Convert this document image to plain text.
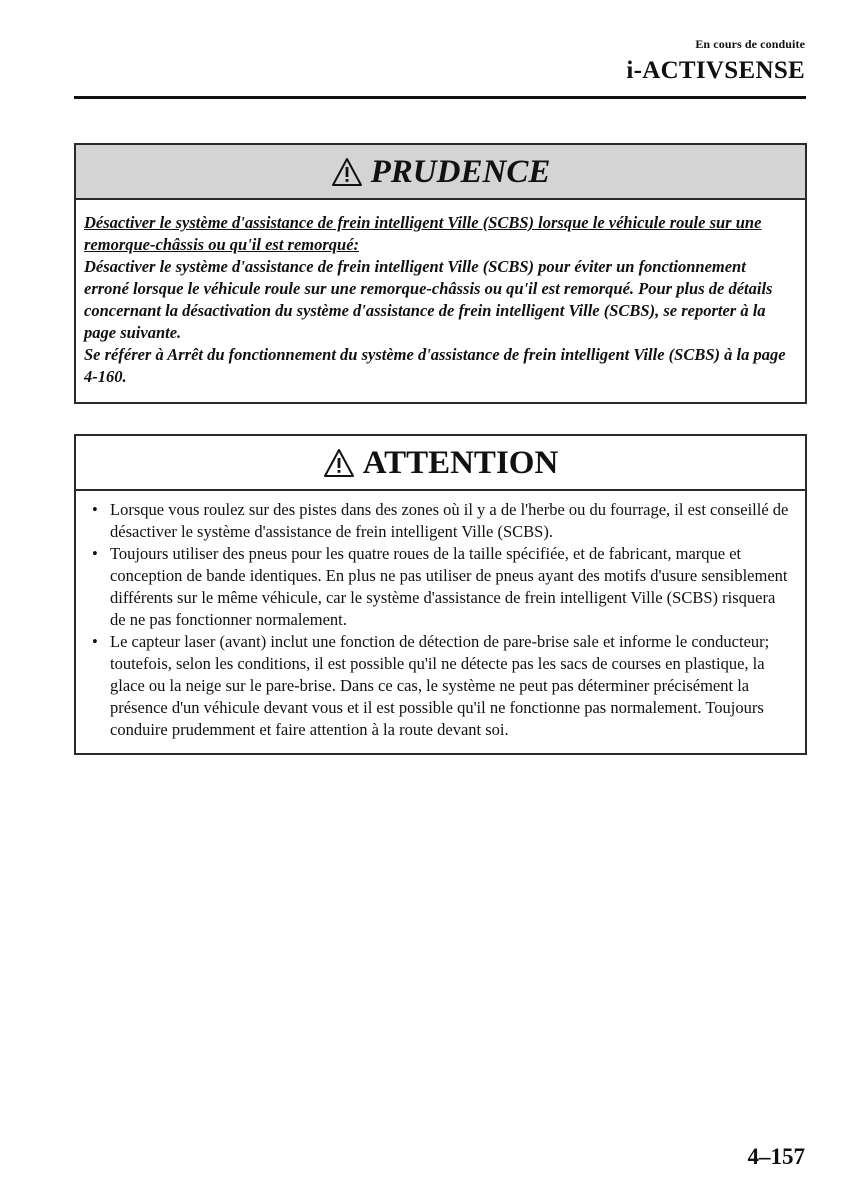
En cours de conduite
i-ACTIVSENSE
PRUDENCE
Désactiver le système d'assistance de frein intelligent Ville (SCBS) lorsque le véhicule roule sur une remorque-châssis ou qu'il est remorqué:
Désactiver le système d'assistance de frein intelligent Ville (SCBS) pour éviter un fonctionnement erroné lorsque le véhicule roule sur une remorque-châssis ou qu'il est remorqué. Pour plus de détails concernant la désactivation du système d'assistance de frein intelligent Ville (SCBS), se reporter à la page suivante.
Se référer à Arrêt du fonctionnement du système d'assistance de frein intelligent Ville (SCBS) à la page 4-160.
ATTENTION
• Lorsque vous roulez sur des pistes dans des zones où il y a de l'herbe ou du fourrage, il est conseillé de désactiver le système d'assistance de frein intelligent Ville (SCBS).
• Toujours utiliser des pneus pour les quatre roues de la taille spécifiée, et de fabricant, marque et conception de bande identiques. En plus ne pas utiliser de pneus ayant des motifs d'usure sensiblement différents sur le même véhicule, car le système d'assistance de frein intelligent Ville (SCBS) risquera de ne pas fonctionner normalement.
• Le capteur laser (avant) inclut une fonction de détection de pare-brise sale et informe le conducteur; toutefois, selon les conditions, il est possible qu'il ne détecte pas les sacs de courses en plastique, la glace ou la neige sur le pare-brise. Dans ce cas, le système ne peut pas déterminer précisément la présence d'un véhicule devant vous et il est possible qu'il ne fonctionne pas normalement. Toujours conduire prudemment et faire attention à la route devant soi.
4–157
